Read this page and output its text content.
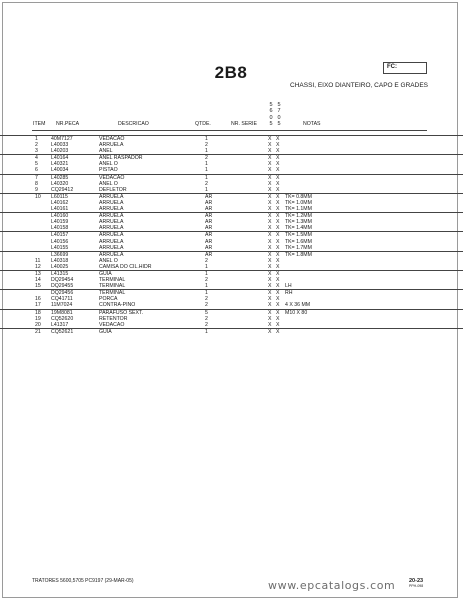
2B8	FC:
CHASSI, EIXO DIANTEIRO, CAPO E GRADES
5
6
0
5
5
7
0
5
ITEM NR.PECA	DESCRICAO	QTDE.	NR. SERIE	NOTAS
1	40M7127	VEDACAO	1	X X
2	L40033	ARRUELA	2	X X
3	L40203	ANEL	1	X X
4	L40164	ANEL RASPADOR	2	X X
5	L40321	ANEL O	1	X X
6	L40034	PISTAO	1	X X
7	L40285	VEDACAO	1	X X
8	L40320	ANEL O	2	X X
9	CQ29412	DEFLETOR	1	X X
10	L60115	ARRUELA	AR	X X TK= 0.8MM
L40162	ARRUELA	AR	X X TK= 1.0MM
L40161	ARRUELA	AR	X X TK= 1.1MM
L40160	ARRUELA	AR	X X TK= 1.2MM
L40159	ARRUELA	AR	X X TK= 1.3MM
L40158	ARRUELA	AR	X X TK= 1.4MM
L40157	ARRUELA	AR	X X TK= 1.5MM
L40156	ARRUELA	AR	X X TK= 1.6MM
L40155	ARRUELA	AR	X X TK= 1.7MM
L36699	ARRUELA	AR	X X TK= 1.8MM
11	L40318	ANEL O	2	X X
12	L40025	CAMISA DO CIL.HIDR	1	X X
13	L41315	GUIA	1	X X
14	DQ29454	TERMINAL	2	X X
15	DQ29455	TERMINAL	1	X X LH
DQ29456	TERMINAL	1	X X RH
16	CQ41711	PORCA	2	X X
17	11M7024	CONTRA-PINO	2	X X 4 X 36 MM
18	19M8081	PARAFUSO SEXT.	5	X X M10 X 80
19	CQ52620	RETENTOR	2	X X
20	L41317	VEDACAO	2	X X
21	CQ52621	GUIA	1	X X
TRATORES 5600,5705 PC9197 (29-MAR-05)	www.epcatalogs.com 20-23
PPH-098
